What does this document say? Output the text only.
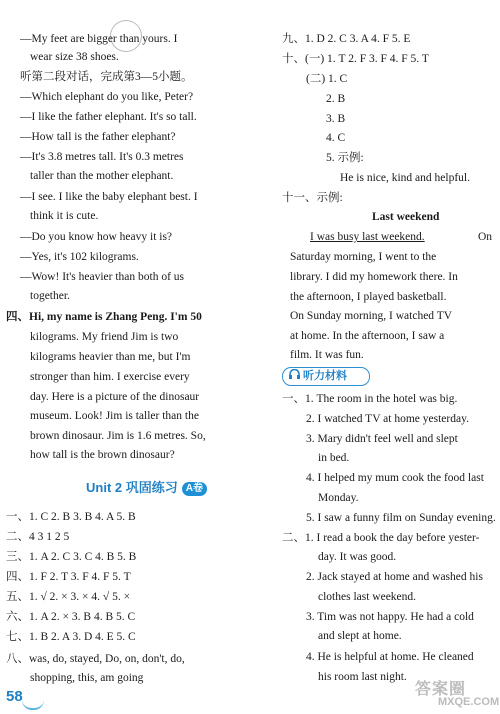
Unit 2 巩固练习 A卷
听力材料
58	答案圈
MXQE.COM
—My feet are bigger than yours. I
wear size 38 shoes.
听第二段对话，完成第3—5小题。
—Which elephant do you like, Peter?
—I like the father elephant. It's so tall.
—How tall is the father elephant?
—It's 3.8 metres tall. It's 0.3 metres
taller than the mother elephant.
—I see. I like the baby elephant best. I
think it is cute.
—Do you know how heavy it is?
—Yes, it's 102 kilograms.
—Wow! It's heavier than both of us
together.
四、Hi, my name is Zhang Peng. I'm 50
kilograms. My friend Jim is two
kilograms heavier than me, but I'm
stronger than him. I exercise every
day. Here is a picture of the dinosaur
museum. Look! Jim is taller than the
brown dinosaur. Jim is 1.6 metres. So,
how tall is the brown dinosaur?
一、1. C 2. B 3. B 4. A 5. B
二、4 3 1 2 5
三、1. A 2. C 3. C 4. B 5. B
四、1. F 2. T 3. F 4. F 5. T
五、1. √ 2. × 3. × 4. √ 5. ×
六、1. A 2. × 3. B 4. B 5. C
七、1. B 2. A 3. D 4. E 5. C
八、was, do, stayed, Do, on, don't, do,
shopping, this, am going
九、1. D 2. C 3. A 4. F 5. E
十、(一) 1. T 2. F 3. F 4. F 5. T
(二) 1. C
2. B
3. B
4. C
5. 示例:
He is nice, kind and helpful.
十一、示例:
Last weekend
I was busy last weekend.	On
Saturday morning, I went to the
library. I did my homework there. In
the afternoon, I played basketball.
On Sunday morning, I watched TV
at home. In the afternoon, I saw a
film. It was fun.
一、1. The room in the hotel was big.
2. I watched TV at home yesterday.
3. Mary didn't feel well and slept
in bed.
4. I helped my mum cook the food last
Monday.
5. I saw a funny film on Sunday evening.
二、1. I read a book the day before yester-
day. It was good.
2. Jack stayed at home and washed his
clothes last weekend.
3. Tim was not happy. He had a cold
and slept at home.
4. He is helpful at home. He cleaned
his room last night.
